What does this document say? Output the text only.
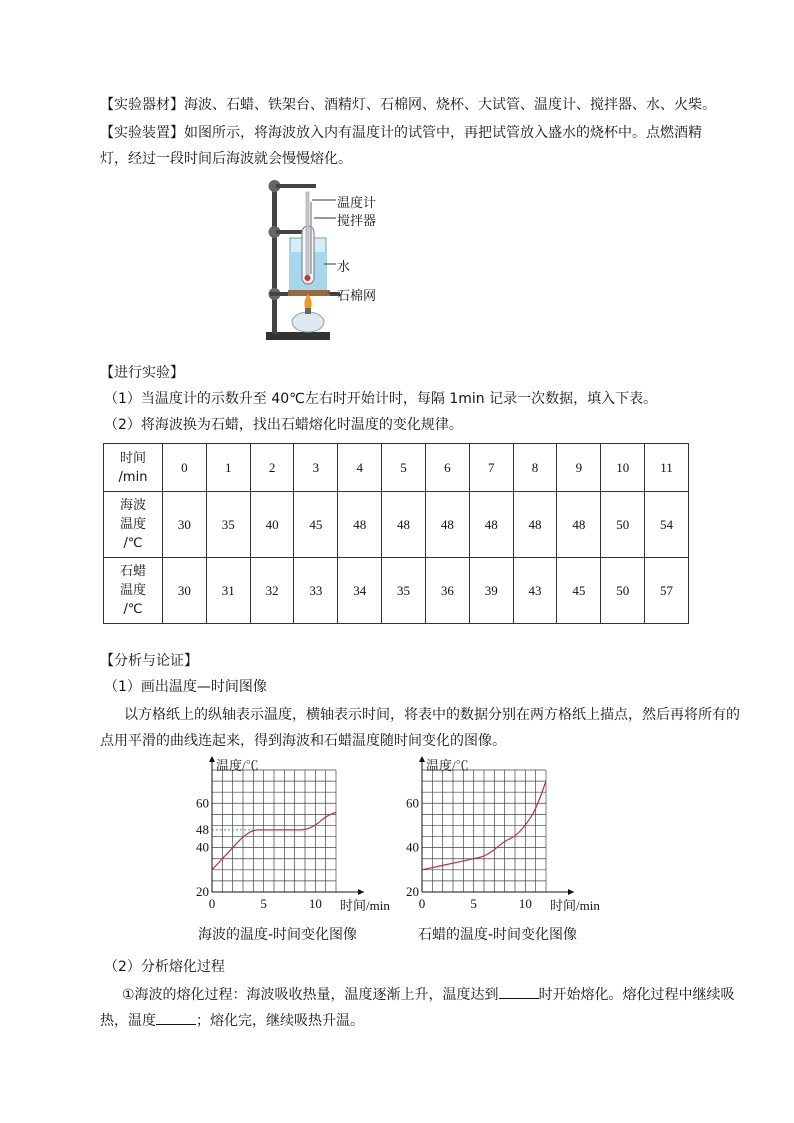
【实验器材】海波、石蜡、铁架台、酒精灯、石棉网、烧杯、大试管、温度计、搅拌器、水、火柴。
【实验装置】如图所示，将海波放入内有温度计的试管中，再把试管放入盛水的烧杯中。点燃酒精
灯，经过一段时间后海波就会慢慢熔化。
温度计
搅拌器
水
石棉网
【进行实验】
（1）当温度计的示数升至 40℃左右时开始计时，每隔 1min 记录一次数据，填入下表。
（2）将海波换为石蜡，找出石蜡熔化时温度的变化规律。
时间
/min	0	1	2	3	4	5	6	7	8	9	10	11
海波
温度
/℃	30	35	40	45	48	48	48	48	48	48	50	54
石蜡
温度
/℃	30	31	32	33	34	35	36	39	43	45	50	57
【分析与论证】
（1）画出温度—时间图像
以方格纸上的纵轴表示温度，横轴表示时间，将表中的数据分别在两方格纸上描点，然后再将所有的
点用平滑的曲线连起来，得到海波和石蜡温度随时间变化的图像。
温度/℃
时间/min
0	5	10
20
40
48
60
温度/℃
时间/min
0	5	10
20
40
60
海波的温度-时间变化图像	石蜡的温度-时间变化图像
（2）分析熔化过程
①海波的熔化过程：海波吸收热量，温度逐渐上升，温度达到	时开始熔化。熔化过程中继续吸
热，温度	；熔化完，继续吸热升温。
